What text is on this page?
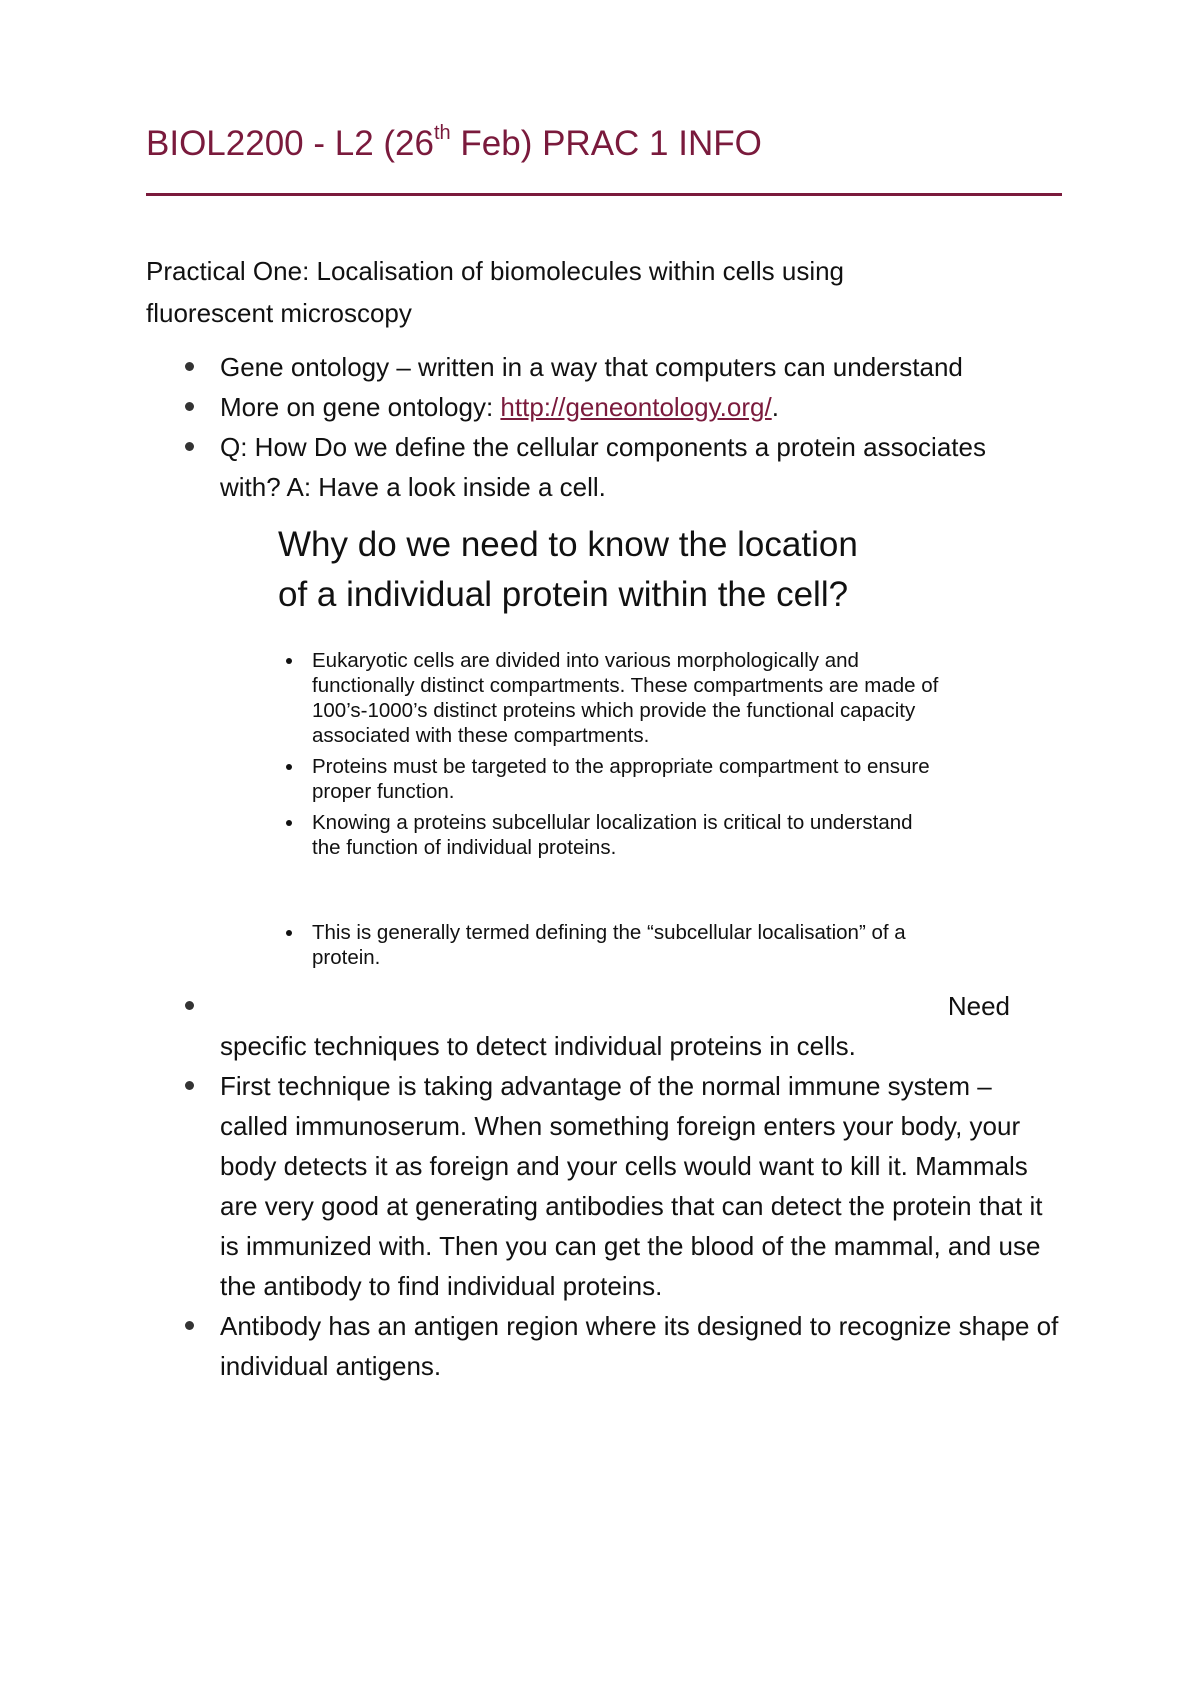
BIOL2200 - L2 (26th Feb) PRAC 1 INFO
Practical One: Localisation of biomolecules within cells using
fluorescent microscopy
Gene ontology – written in a way that computers can understand
More on gene ontology: http://geneontology.org/.
Q: How Do we define the cellular components a protein associates
with? A: Have a look inside a cell.
Why do we need to know the location
of a individual protein within the cell?
Eukaryotic cells are divided into various morphologically and functionally distinct compartments. These compartments are made of 100’s-1000’s distinct proteins which provide the functional capacity associated with these compartments.
Proteins must be targeted to the appropriate compartment to ensure proper function.
Knowing a proteins subcellular localization is critical to understand the function of individual proteins.
This is generally termed defining the “subcellular localisation” of a protein.
Need
specific techniques to detect individual proteins in cells.
First technique is taking advantage of the normal immune system – called immunoserum. When something foreign enters your body, your body detects it as foreign and your cells would want to kill it. Mammals are very good at generating antibodies that can detect the protein that it is immunized with. Then you can get the blood of the mammal, and use the antibody to find individual proteins.
Antibody has an antigen region where its designed to recognize shape of individual antigens.
